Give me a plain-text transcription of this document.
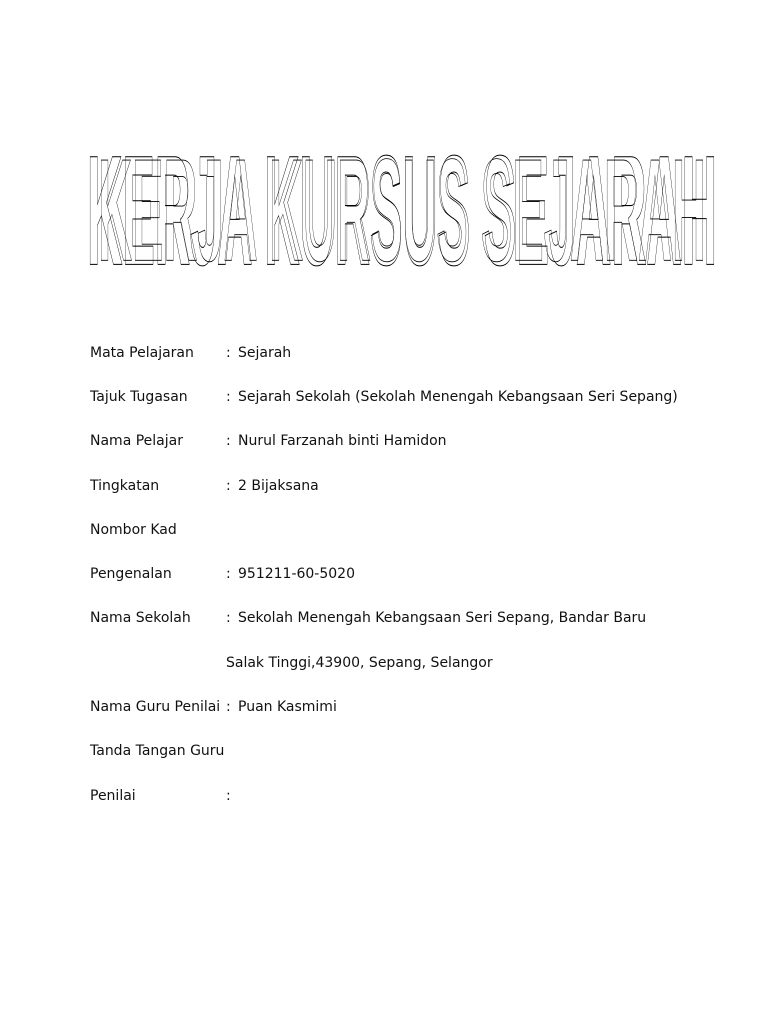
KERJA KURSUS SEJARAH
KERJA KURSUS SEJARAH
Mata Pelajaran : Sejarah
Tajuk Tugasan	: Sejarah Sekolah (Sekolah Menengah Kebangsaan Seri Sepang)
Nama Pelajar	: Nurul Farzanah binti Hamidon
Tingkatan	: 2 Bijaksana
Nombor Kad
Pengenalan	: 951211-60-5020
Nama Sekolah	: Sekolah Menengah Kebangsaan Seri Sepang, Bandar Baru
Salak Tinggi,43900, Sepang, Selangor
Nama Guru Penilai : Puan Kasmimi
Tanda Tangan Guru
Penilai	:
